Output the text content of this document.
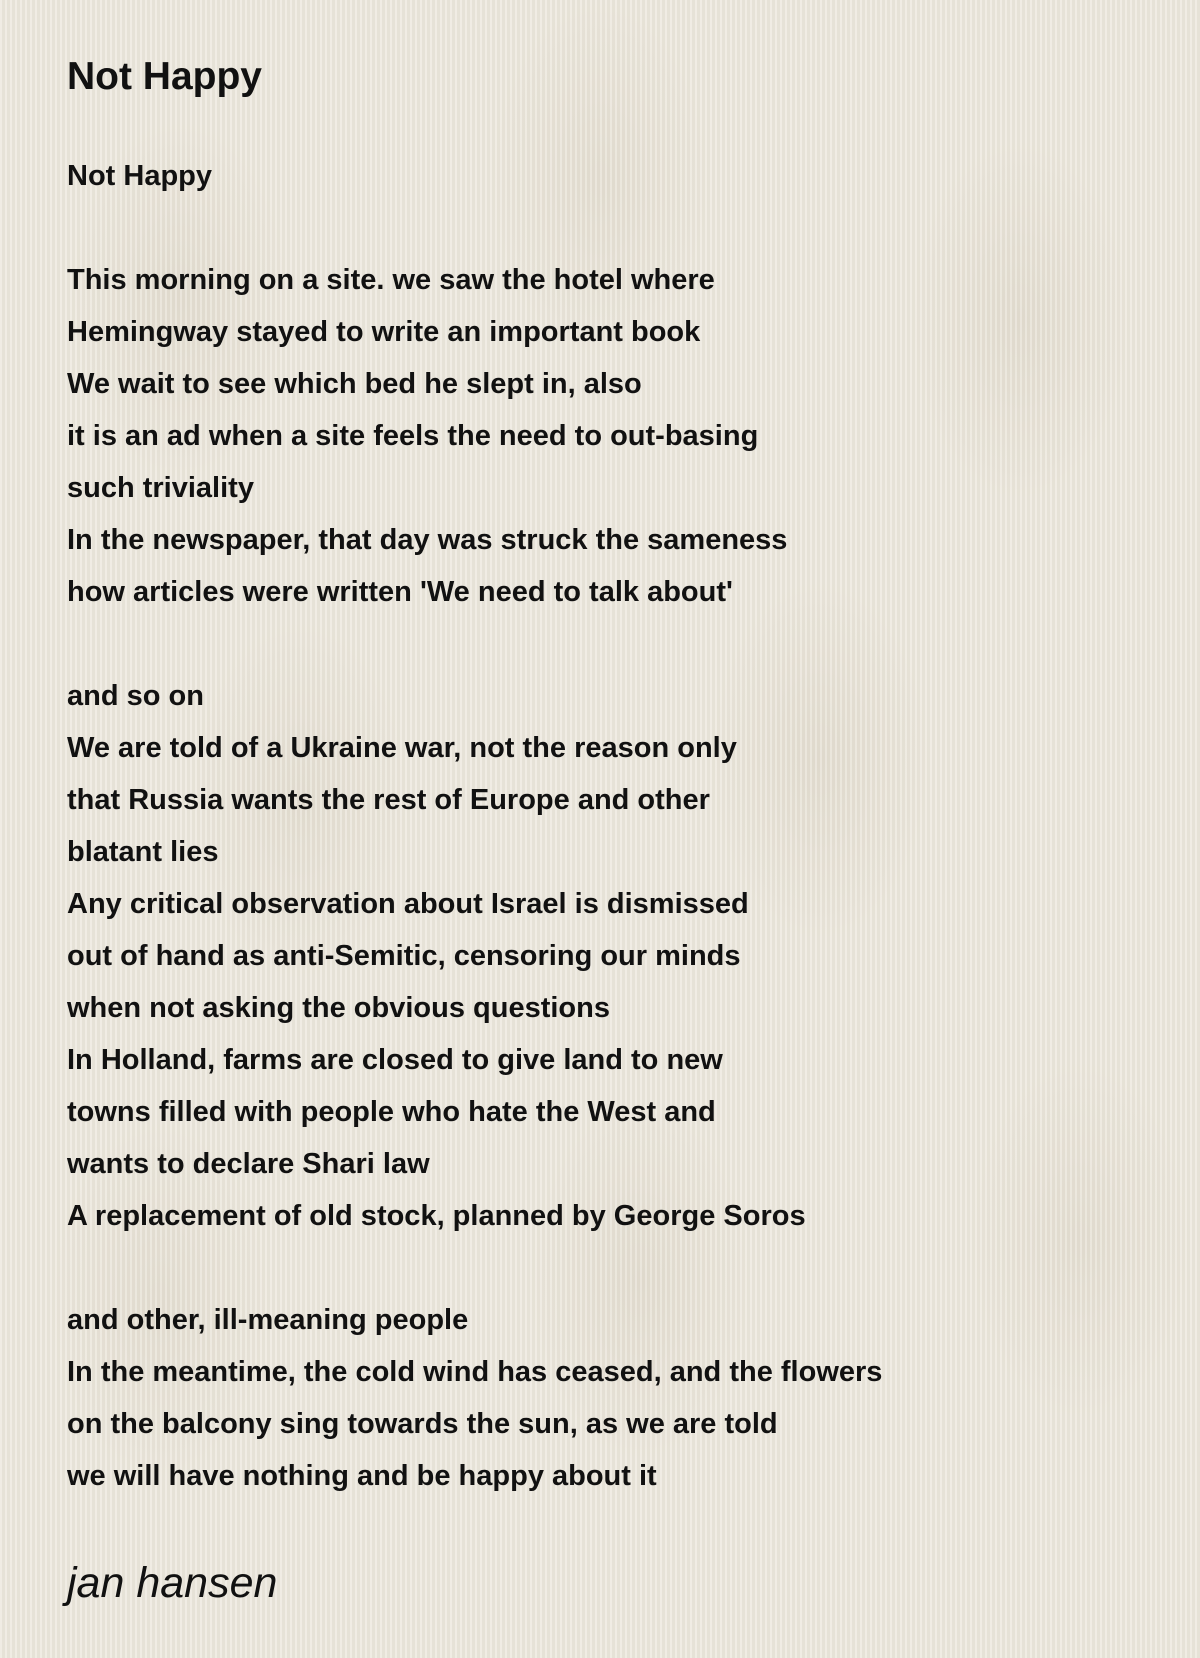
Not Happy
Not Happy
This morning on a site. we saw the hotel where
Hemingway stayed to write an important book
We wait to see which bed he slept in, also
it is an ad when a site feels the need to out-basing
such triviality
In the newspaper, that day was struck the sameness
how articles were written 'We need to talk about'
and so on
We are told of a Ukraine war, not the reason only
that Russia wants the rest of Europe and other
blatant lies
Any critical observation about Israel is dismissed
out of hand as anti-Semitic, censoring our minds
when not asking the obvious questions
In Holland, farms are closed to give land to new
towns filled with people who hate the West and
wants to declare Shari law
A replacement of old stock, planned by George Soros
and other, ill-meaning people
In the meantime, the cold wind has ceased, and the flowers
on the balcony sing towards the sun, as we are told
we will have nothing and be happy about it
jan hansen
